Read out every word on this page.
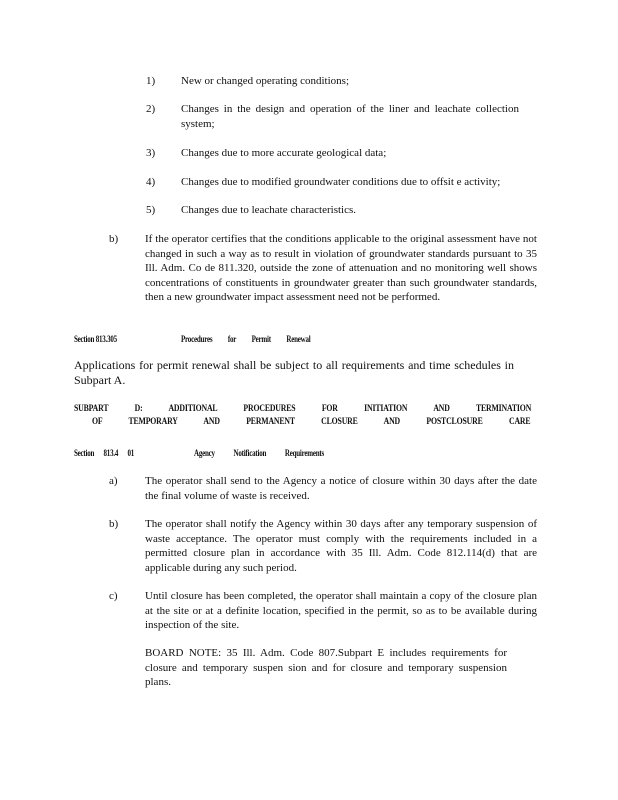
1) New or changed operating conditions;
2) Changes in the design and operation of the liner and leachate collection system;
3) Changes due to more accurate geological data;
4) Changes due to modified groundwater conditions due to offsit e activity;
5) Changes due to leachate characteristics.
b) If the operator certifies that the conditions applicable to the original assessment have not changed in such a way as to result in violation of groundwater standards pursuant to 35 Ill. Adm. Co de 811.320, outside the zone of attenuation and no monitoring well shows concentrations of constituents in groundwater greater than such groundwater standards, then a new groundwater impact assessment need not be performed.
Section 813.305	Procedures for Permit Renewal
Applications for permit renewal shall be subject to all requirements and time schedules in Subpart A.
SUBPART D: ADDITIONAL PROCEDURES FOR INITIATION AND TERMINATION
OF TEMPORARY AND PERMANENT CLOSURE AND POSTCLOSURE CARE
Section 813.4 01	Agency Notification Requirements
a) The operator shall send to the Agency a notice of closure within 30 days after the date the final volume of waste is received.
b) The operator shall notify the Agency within 30 days after any temporary suspension of waste acceptance. The operator must comply with the requirements included in a permitted closure plan in accordance with 35 Ill. Adm. Code 812.114(d) that are applicable during any such period.
c) Until closure has been completed, the operator shall maintain a copy of the closure plan at the site or at a definite location, specified in the permit, so as to be available during inspection of the site.
BOARD NOTE: 35 Ill. Adm. Code 807.Subpart E includes requirements for closure and temporary suspen sion and for closure and temporary suspension plans.
